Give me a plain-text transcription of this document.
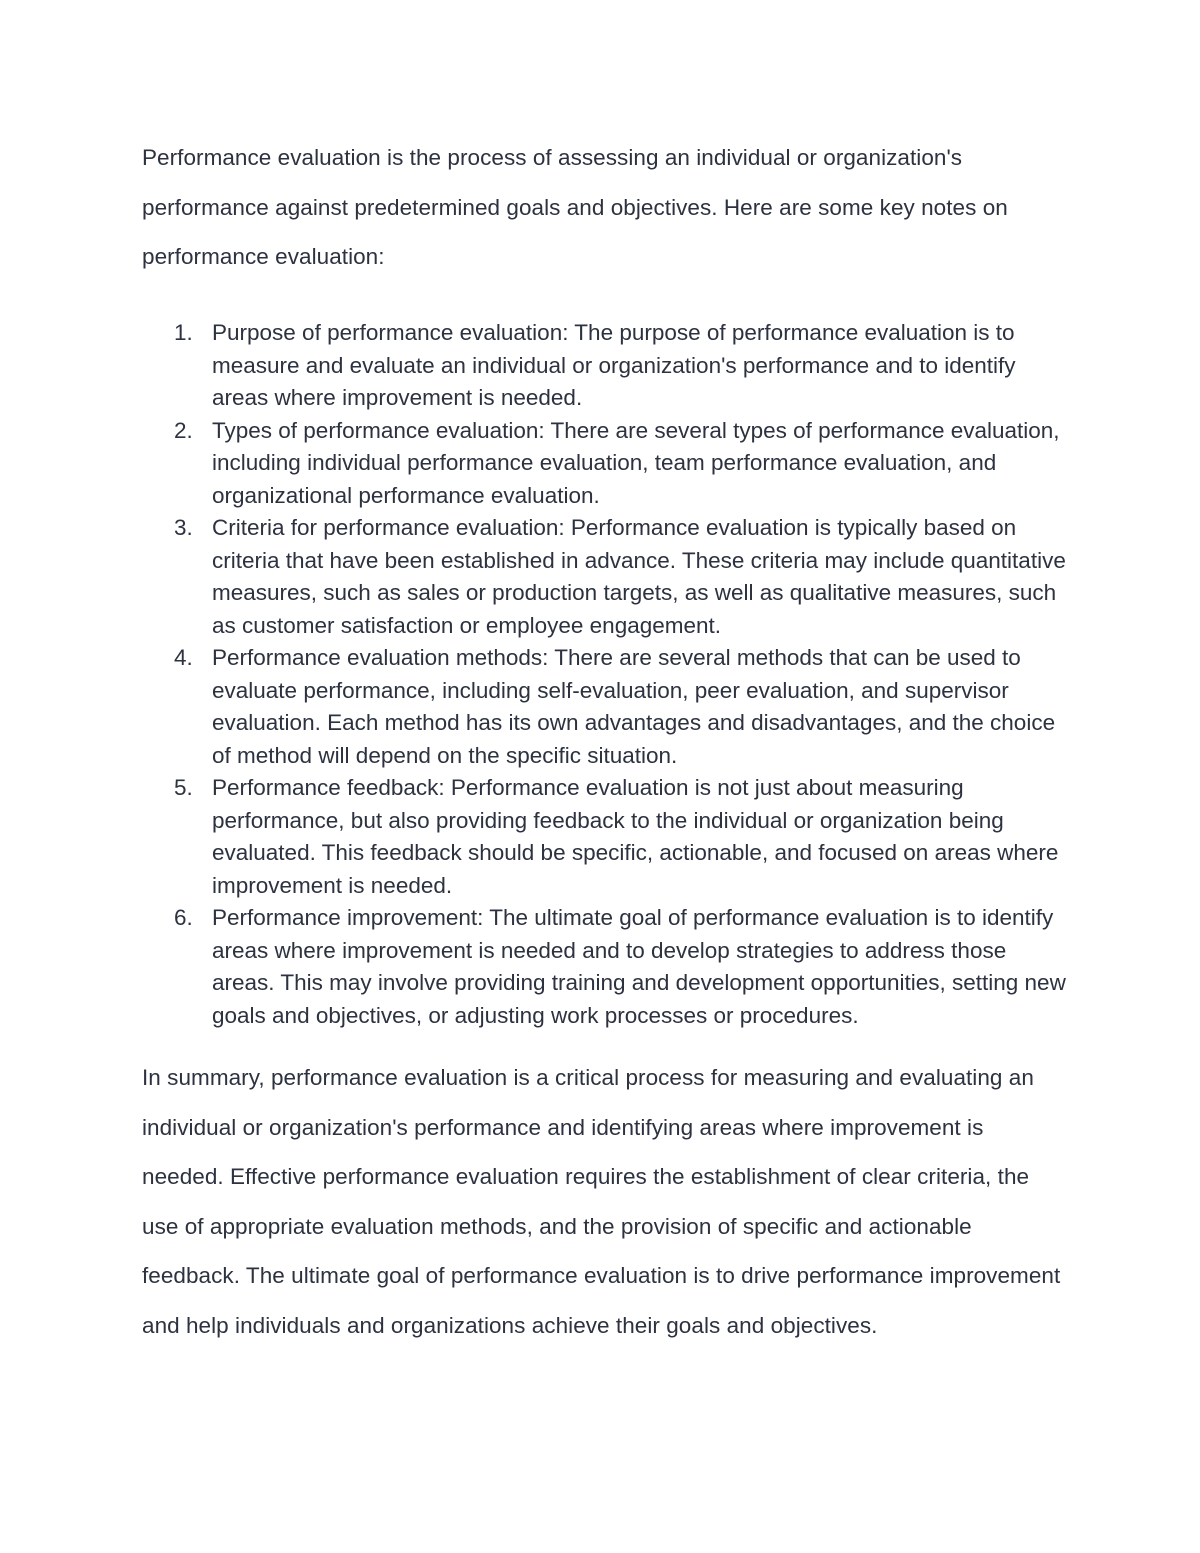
Performance evaluation is the process of assessing an individual or organization's performance against predetermined goals and objectives. Here are some key notes on performance evaluation:

1. Purpose of performance evaluation: The purpose of performance evaluation is to measure and evaluate an individual or organization's performance and to identify areas where improvement is needed.
2. Types of performance evaluation: There are several types of performance evaluation, including individual performance evaluation, team performance evaluation, and organizational performance evaluation.
3. Criteria for performance evaluation: Performance evaluation is typically based on criteria that have been established in advance. These criteria may include quantitative measures, such as sales or production targets, as well as qualitative measures, such as customer satisfaction or employee engagement.
4. Performance evaluation methods: There are several methods that can be used to evaluate performance, including self-evaluation, peer evaluation, and supervisor evaluation. Each method has its own advantages and disadvantages, and the choice of method will depend on the specific situation.
5. Performance feedback: Performance evaluation is not just about measuring performance, but also providing feedback to the individual or organization being evaluated. This feedback should be specific, actionable, and focused on areas where improvement is needed.
6. Performance improvement: The ultimate goal of performance evaluation is to identify areas where improvement is needed and to develop strategies to address those areas. This may involve providing training and development opportunities, setting new goals and objectives, or adjusting work processes or procedures.

In summary, performance evaluation is a critical process for measuring and evaluating an individual or organization's performance and identifying areas where improvement is needed. Effective performance evaluation requires the establishment of clear criteria, the use of appropriate evaluation methods, and the provision of specific and actionable feedback. The ultimate goal of performance evaluation is to drive performance improvement and help individuals and organizations achieve their goals and objectives.
